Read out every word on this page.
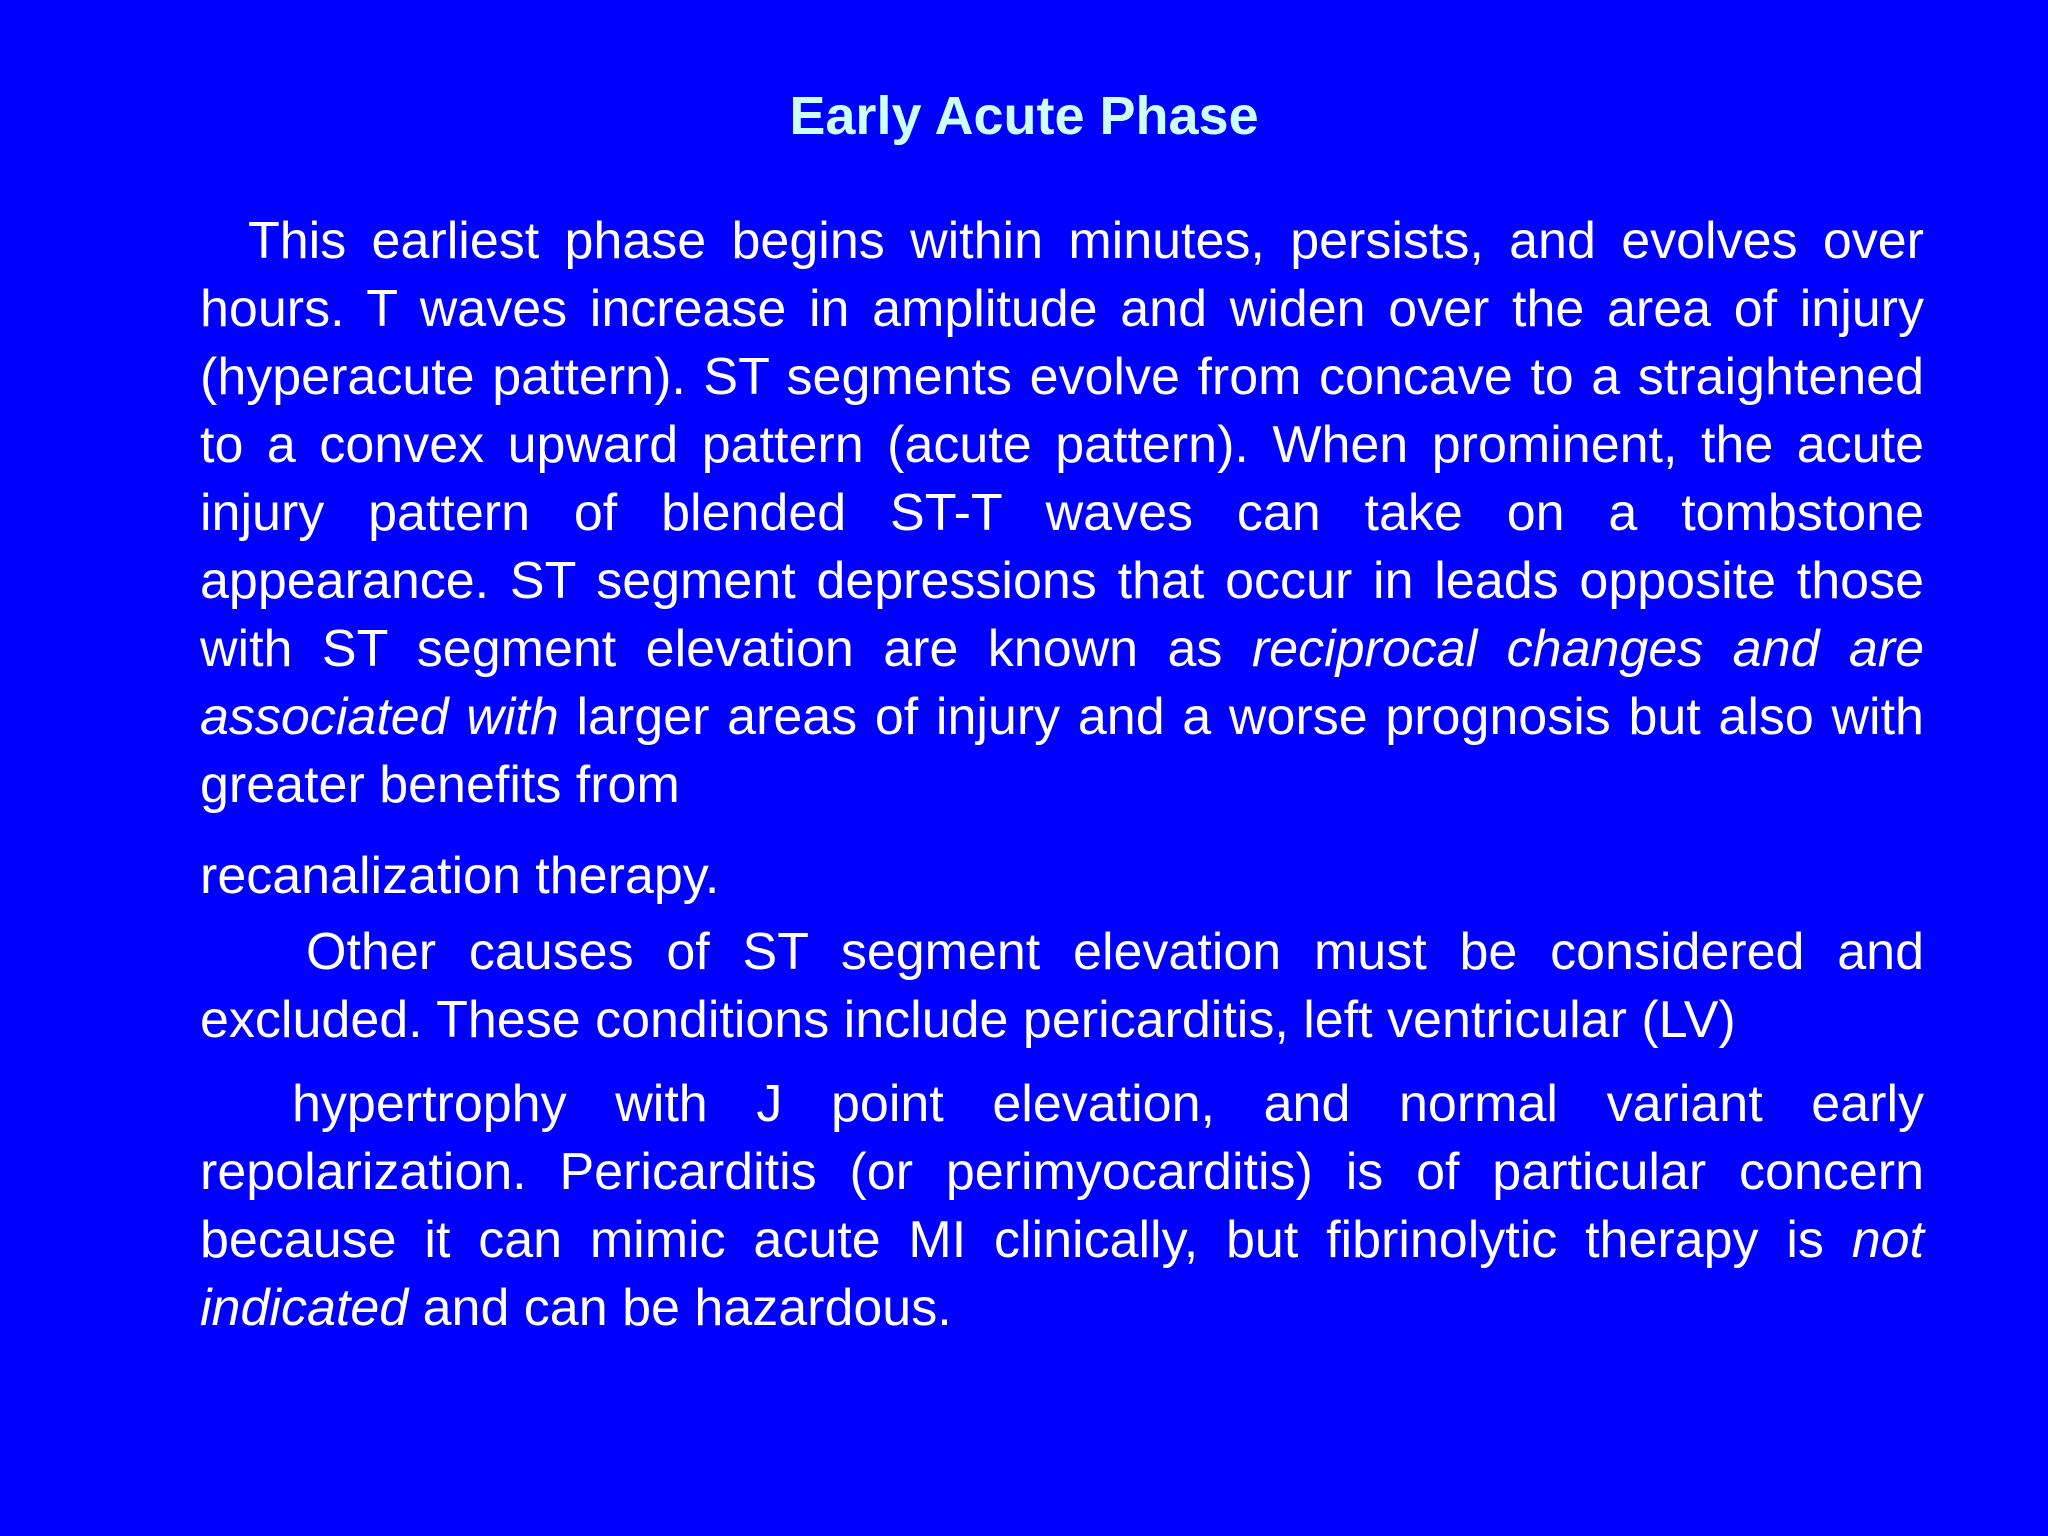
Early Acute Phase

This earliest phase begins within minutes, persists, and evolves over hours. T waves increase in amplitude and widen over the area of injury (hyperacute pattern). ST segments evolve from concave to a straightened to a convex upward pattern (acute pattern). When prominent, the acute injury pattern of blended ST-T waves can take on a tombstone appearance. ST segment depressions that occur in leads opposite those with ST segment elevation are known as reciprocal changes and are associated with larger areas of injury and a worse prognosis but also with greater benefits from

recanalization therapy.

Other causes of ST segment elevation must be considered and excluded. These conditions include pericarditis, left ventricular (LV)

hypertrophy with J point elevation, and normal variant early repolarization. Pericarditis (or perimyocarditis) is of particular concern because it can mimic acute MI clinically, but fibrinolytic therapy is not indicated and can be hazardous.
